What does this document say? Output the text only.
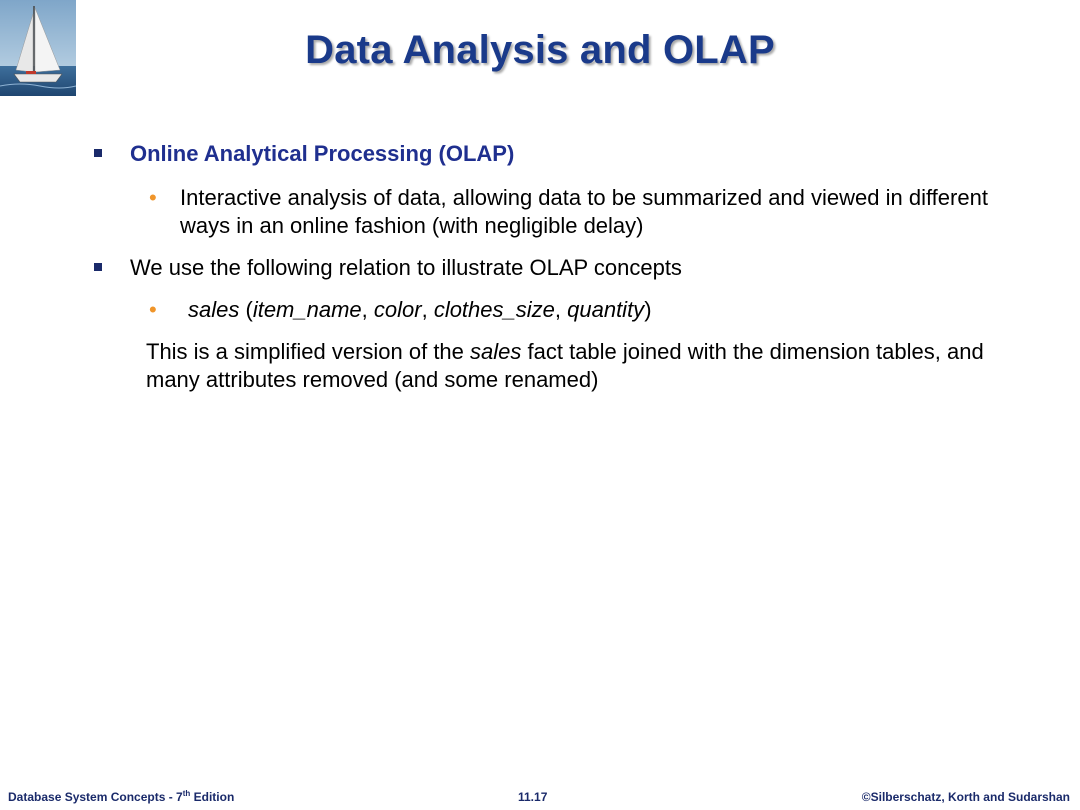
Data Analysis and OLAP
Online Analytical Processing (OLAP)
• Interactive analysis of data, allowing data to be summarized and viewed in different ways in an online fashion (with negligible delay)
We use the following relation to illustrate OLAP concepts
• sales (item_name, color, clothes_size, quantity)
This is a simplified version of the sales fact table joined with the dimension tables, and many attributes removed (and some renamed)
Database System Concepts - 7th Edition	11.17	©Silberschatz, Korth and Sudarshan
